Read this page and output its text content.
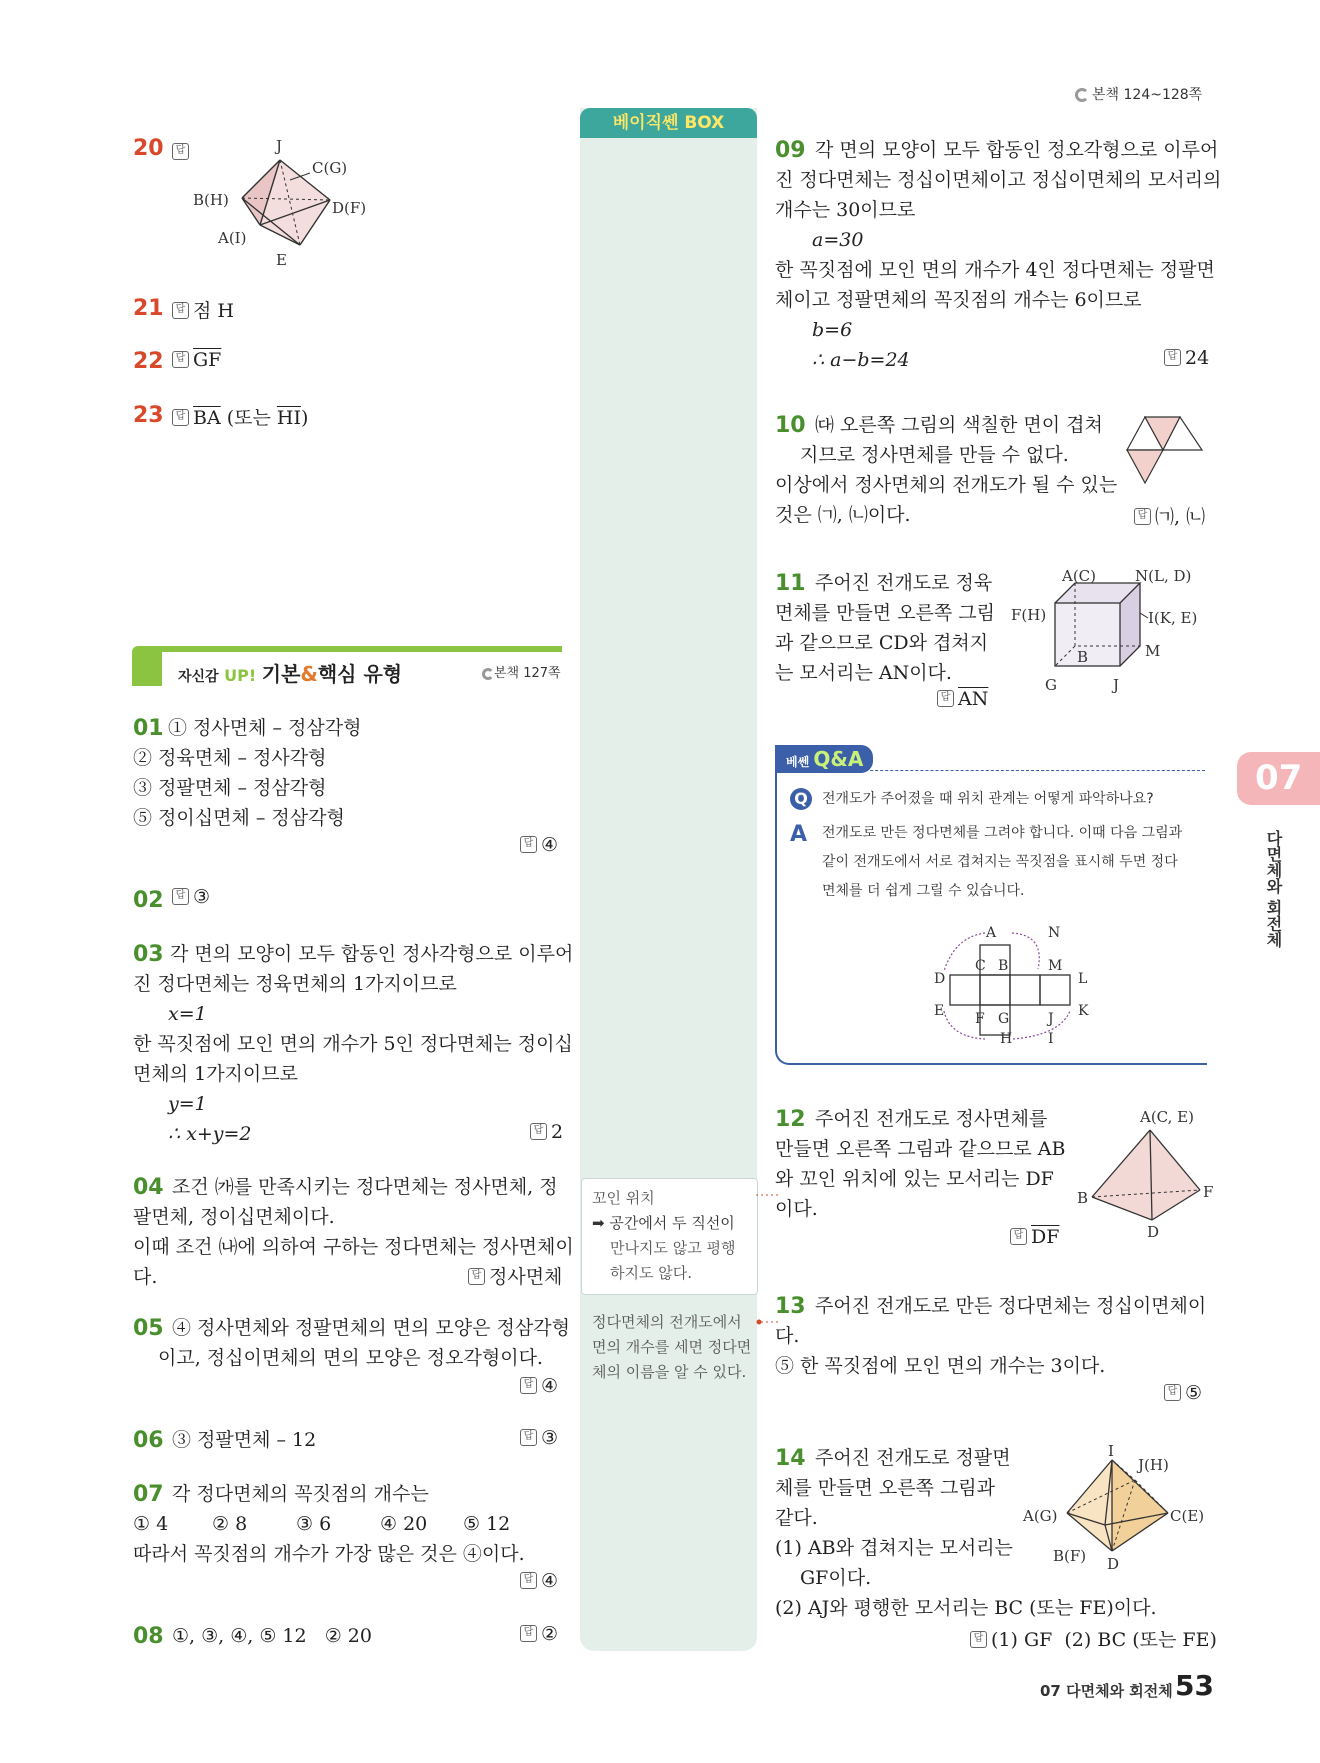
본책 124~128쪽
베이직쎈 BOX
꼬인 위치
➡ 공간에서 두 직선이
만나지도 않고 평행
하지도 않다.
정다면체의 전개도에서
면의 개수를 세면 정다면
체의 이름을 알 수 있다.
20 답	J
C(G)
B(H)	D(F)
A(I)
E
21	답 점 H
22	답 $\overline{GF}$
23	답 $\overline{BA}$ (또는 $\overline{HI}$)
자신감 UP! 기본&핵심 유형	본책 127쪽
01 ① 정사면체 – 정삼각형
② 정육면체 – 정사각형
③ 정팔면체 – 정삼각형
⑤ 정이십면체 – 정삼각형
답 ④
02	답 ③
03 각 면의 모양이 모두 합동인 정사각형으로 이루어
진 정다면체는 정육면체의 1가지이므로
x=1
한 꼭짓점에 모인 면의 개수가 5인 정다면체는 정이십
면체의 1가지이므로
y=1
∴ x+y=2	답 2
04 조건 ㈎를 만족시키는 정다면체는 정사면체, 정
팔면체, 정이십면체이다.
이때 조건 ㈏에 의하여 구하는 정다면체는 정사면체이
다.	답 정사면체
05 ④ 정사면체와 정팔면체의 면의 모양은 정삼각형
이고, 정십이면체의 면의 모양은 정오각형이다.
답 ④
06 ③ 정팔면체 – 12	답 ③
07 각 정다면체의 꼭짓점의 개수는
① 4 ② 8	③ 6	④ 20 ⑤ 12
따라서 꼭짓점의 개수가 가장 많은 것은 ④이다.
답 ④
08 ①, ③, ④, ⑤ 12   ② 20	답 ②
09 각 면의 모양이 모두 합동인 정오각형으로 이루어
진 정다면체는 정십이면체이고 정십이면체의 모서리의
개수는 30이므로
a=30
한 꼭짓점에 모인 면의 개수가 4인 정다면체는 정팔면
체이고 정팔면체의 꼭짓점의 개수는 6이므로
b=6
∴ a−b=24	답 24
10 ㈐ 오른쪽 그림의 색칠한 면이 겹쳐
지므로 정사면체를 만들 수 없다.
이상에서 정사면체의 전개도가 될 수 있는
것은 ㈀, ㈁이다.	답 ㈀, ㈁
11 주어진 전개도로 정육
면체를 만들면 오른쪽 그림
과 같으므로 CD와 겹쳐지
는 모서리는 AN이다.
답 $\overline{AN}$
A(C)	N(L, D)
F(H)	I(K, E)
B	M
G	J
베쎈 Q&A
Q	전개도가 주어졌을 때 위치 관계는 어떻게 파악하나요?
A 전개도로 만든 정다면체를 그려야 합니다. 이때 다음 그림과
같이 전개도에서 서로 겹쳐지는 꼭짓점을 표시해 두면 정다
면체를 더 쉽게 그릴 수 있습니다.
A	N
C B	M
D	L
E	K
F G	J
H	I
12 주어진 전개도로 정사면체를
만들면 오른쪽 그림과 같으므로 AB
와 꼬인 위치에 있는 모서리는 DF
이다.
답 $\overline{DF}$
A(C, E)
B	F
D
13 주어진 전개도로 만든 정다면체는 정십이면체이
다.
⑤ 한 꼭짓점에 모인 면의 개수는 3이다.
답 ⑤
14 주어진 전개도로 정팔면
체를 만들면 오른쪽 그림과
같다.
(1) AB와 겹쳐지는 모서리는
GF이다.
(2) AJ와 평행한 모서리는 BC (또는 FE)이다.
답 (1) GF  (2) BC (또는 FE)
I
J(H)
A(G)	C(E)
B(F) D
07
다면체와 회전체
07 다면체와 회전체 53
